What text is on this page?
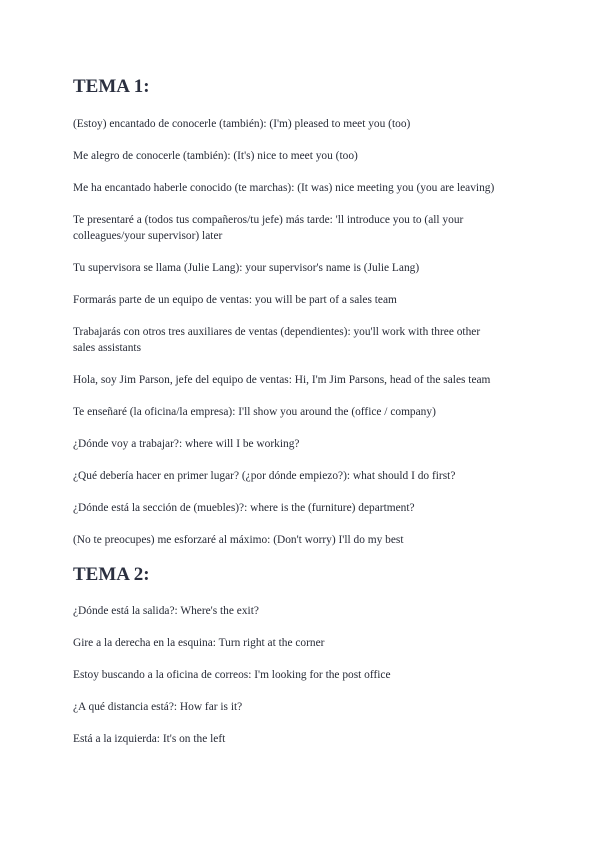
TEMA 1:

(Estoy) encantado de conocerle (también): (I'm) pleased to meet you (too)

Me alegro de conocerle (también): (It's) nice to meet you (too)

Me ha encantado haberle conocido (te marchas): (It was) nice meeting you (you are leaving)

Te presentaré a (todos tus compañeros/tu jefe) más tarde: 'll introduce you to (all your

colleagues/your supervisor) later

Tu supervisora se llama (Julie Lang): your supervisor's name is (Julie Lang)

Formarás parte de un equipo de ventas: you will be part of a sales team

Trabajarás con otros tres auxiliares de ventas (dependientes): you'll work with three other

sales assistants

Hola, soy Jim Parson, jefe del equipo de ventas: Hi, I'm Jim Parsons, head of the sales team

Te enseñaré (la oficina/la empresa): I'll show you around the (office / company)

¿Dónde voy a trabajar?: where will I be working?

¿Qué debería hacer en primer lugar? (¿por dónde empiezo?): what should I do first?

¿Dónde está la sección de (muebles)?: where is the (furniture) department?

(No te preocupes) me esforzaré al máximo: (Don't worry) I'll do my best

TEMA 2:

¿Dónde está la salida?: Where's the exit?

Gire a la derecha en la esquina: Turn right at the corner

Estoy buscando a la oficina de correos: I'm looking for the post office

¿A qué distancia está?: How far is it?

Está a la izquierda: It's on the left
